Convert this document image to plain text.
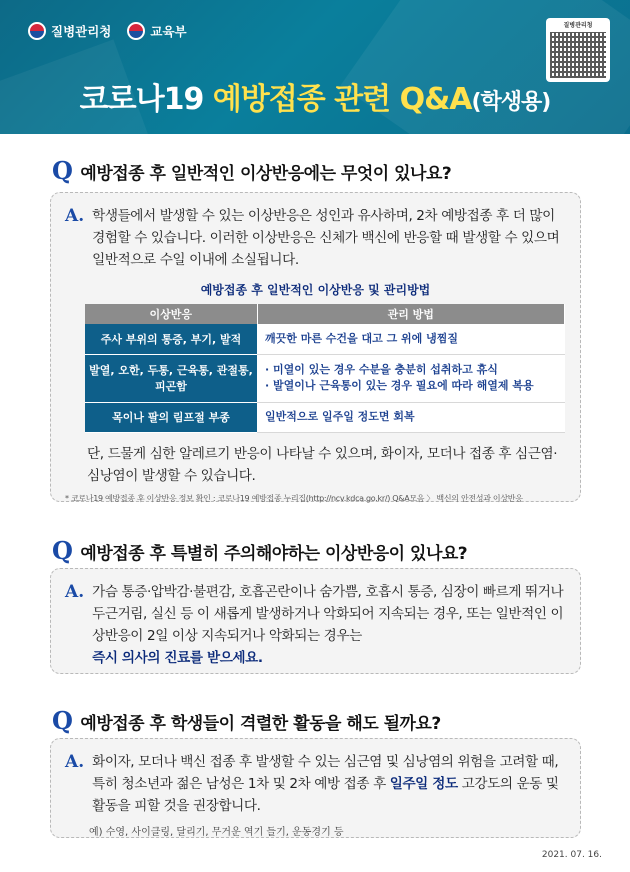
질병관리청	교육부	질병관리청
코로나19 예방접종 관련 Q&A(학생용)
Q 예방접종 후 일반적인 이상반응에는 무엇이 있나요?
A. 학생들에서 발생할 수 있는 이상반응은 성인과 유사하며, 2차 예방접종 후 더 많이 경험할 수 있습니다. 이러한 이상반응은 신체가 백신에 반응할 때 발생할 수 있으며 일반적으로 수일 이내에 소실됩니다.
예방접종 후 일반적인 이상반응 및 관리방법
이상반응	관리 방법
주사 부위의 통증, 부기, 발적	깨끗한 마른 수건을 대고 그 위에 냉찜질

발열, 오한, 두통, 근육통, 관절통, 피곤함	· 미열이 있는 경우 수분을 충분히 섭취하고 휴식
· 발열이나 근육통이 있는 경우 필요에 따라 해열제 복용

목이나 팔의 림프절 부종	일반적으로 일주일 정도면 회복
단, 드물게 심한 알레르기 반응이 나타날 수 있으며, 화이자, 모더나 접종 후 심근염·심낭염이 발생할 수 있습니다.
* 코로나19 예방접종 후 이상반응 정보 확인 : 코로나19 예방접종 누리집(http://ncv.kdca.go.kr/) Q&A모음 〉 백신의 안전성과 이상반응
Q 예방접종 후 특별히 주의해야하는 이상반응이 있나요?
A. 가슴 통증·압박감·불편감, 호흡곤란이나 숨가쁨, 호흡시 통증, 심장이 빠르게 뛰거나 두근거림, 실신 등 이 새롭게 발생하거나 악화되어 지속되는 경우, 또는 일반적인 이상반응이 2일 이상 지속되거나 악화되는 경우는
즉시 의사의 진료를 받으세요.
Q 예방접종 후 학생들이 격렬한 활동을 해도 될까요?
A. 화이자, 모더나 백신 접종 후 발생할 수 있는 심근염 및 심낭염의 위험을 고려할 때, 특히 청소년과 젊은 남성은 1차 및 2차 예방 접종 후 일주일 정도 고강도의 운동 및 활동을 피할 것을 권장합니다.
예) 수영, 사이클링, 달리기, 무거운 역기 들기, 운동경기 등
2021. 07. 16.
